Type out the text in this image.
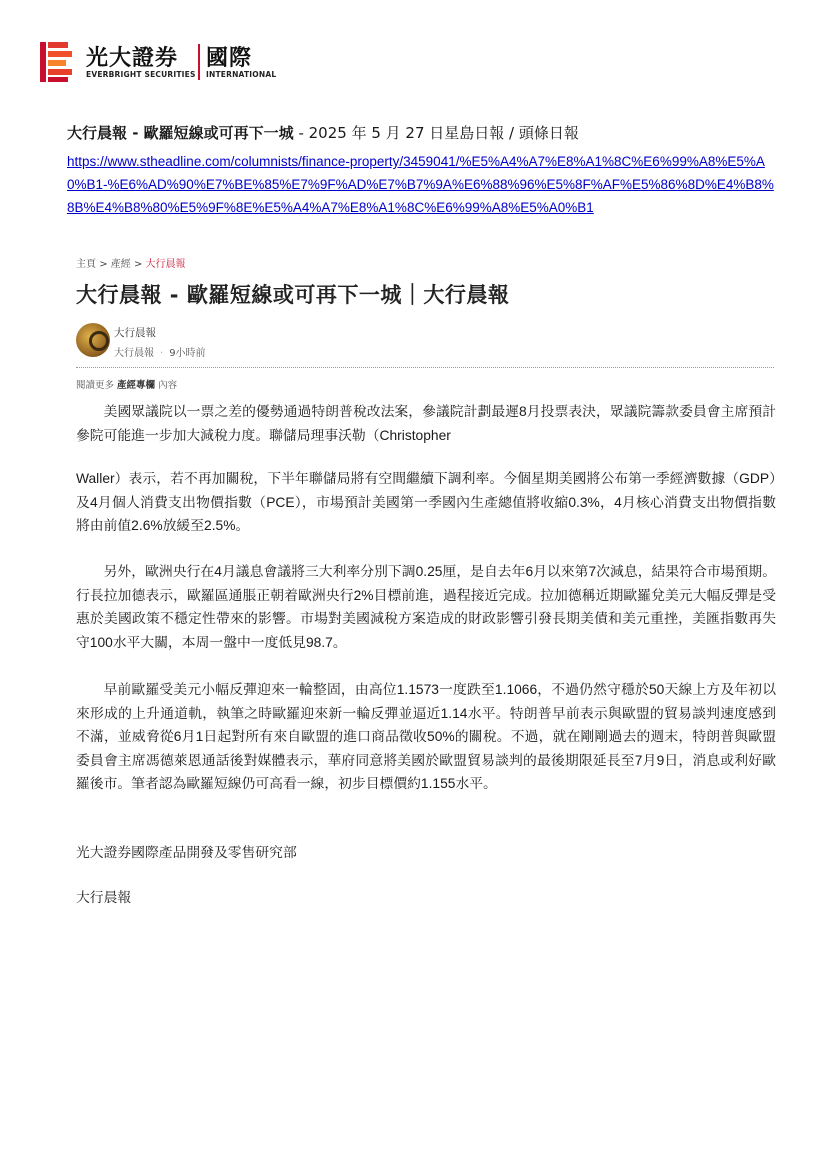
光大證券 國際
EVERBRIGHT SECURITIES INTERNATIONAL
大行晨報 - 歐羅短線或可再下一城 - 2025 年 5 月 27 日星島日報 / 頭條日報
https://www.stheadline.com/columnists/finance-property/3459041/%E5%A4%A7%E8%A1%8C%E6%99%A8%E5%A0%B1-%E6%AD%90%E7%BE%85%E7%9F%AD%E7%B7%9A%E6%88%96%E5%8F%AF%E5%86%8D%E4%B8%8B%E4%B8%80%E5%9F%8E%E5%A4%A7%E8%A1%8C%E6%99%A8%E5%A0%B1
主頁 > 產經 > 大行晨報
大行晨報 - 歐羅短線或可再下一城｜大行晨報
大行晨報
大行晨報 · 9小時前
閱讀更多 產經專欄 內容

美國眾議院以一票之差的優勢通過特朗普稅改法案，參議院計劃最遲8月投票表決，眾議院籌款委員會主席預計參院可能進一步加大減稅力度。聯儲局理事沃勒（Christopher

Waller）表示，若不再加關稅，下半年聯儲局將有空間繼續下調利率。今個星期美國將公布第一季經濟數據（GDP）及4月個人消費支出物價指數（PCE），市場預計美國第一季國內生產總值將收縮0.3%，4月核心消費支出物價指數將由前值2.6%放緩至2.5%。

另外，歐洲央行在4月議息會議將三大利率分別下調0.25厘，是自去年6月以來第7次減息，結果符合市場預期。行長拉加德表示，歐羅區通脹正朝着歐洲央行2%目標前進，過程接近完成。拉加德稱近期歐羅兌美元大幅反彈是受惠於美國政策不穩定性帶來的影響。市場對美國減稅方案造成的財政影響引發長期美債和美元重挫，美匯指數再失守100水平大關，本周一盤中一度低見98.7。

早前歐羅受美元小幅反彈迎來一輪整固，由高位1.1573一度跌至1.1066，不過仍然守穩於50天線上方及年初以來形成的上升通道軌，執筆之時歐羅迎來新一輪反彈並逼近1.14水平。特朗普早前表示與歐盟的貿易談判速度感到不滿，並威脅從6月1日起對所有來自歐盟的進口商品徵收50%的關稅。不過，就在剛剛過去的週末，特朗普與歐盟委員會主席馮德萊恩通話後對媒體表示，華府同意將美國於歐盟貿易談判的最後期限延長至7月9日，消息或利好歐羅後市。筆者認為歐羅短線仍可高看一線，初步目標價約1.155水平。

光大證券國際產品開發及零售研究部
大行晨報
